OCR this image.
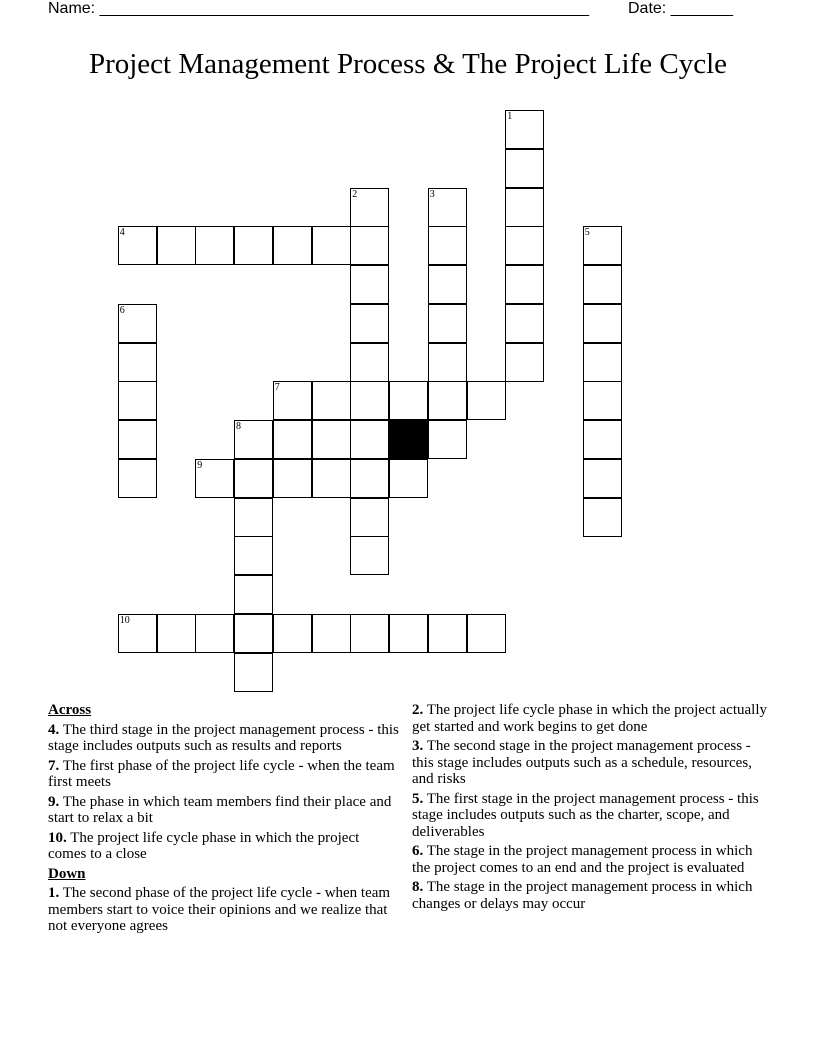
Name: _______________________________________________________ Date: _______
Project Management Process & The Project Life Cycle
1
2	3
4	5
6
7
8
9
10
Across
4. The third stage in the project management process - this stage includes outputs such as results and reports
7. The first phase of the project life cycle - when the team first meets
9. The phase in which team members find their place and start to relax a bit
10. The project life cycle phase in which the project comes to a close
Down
1. The second phase of the project life cycle - when team members start to voice their opinions and we realize that not everyone agrees
2. The project life cycle phase in which the project actually get started and work begins to get done
3. The second stage in the project management process - this stage includes outputs such as a schedule, resources, and risks
5. The first stage in the project management process - this stage includes outputs such as the charter, scope, and deliverables
6. The stage in the project management process in which the project comes to an end and the project is evaluated
8. The stage in the project management process in which changes or delays may occur
